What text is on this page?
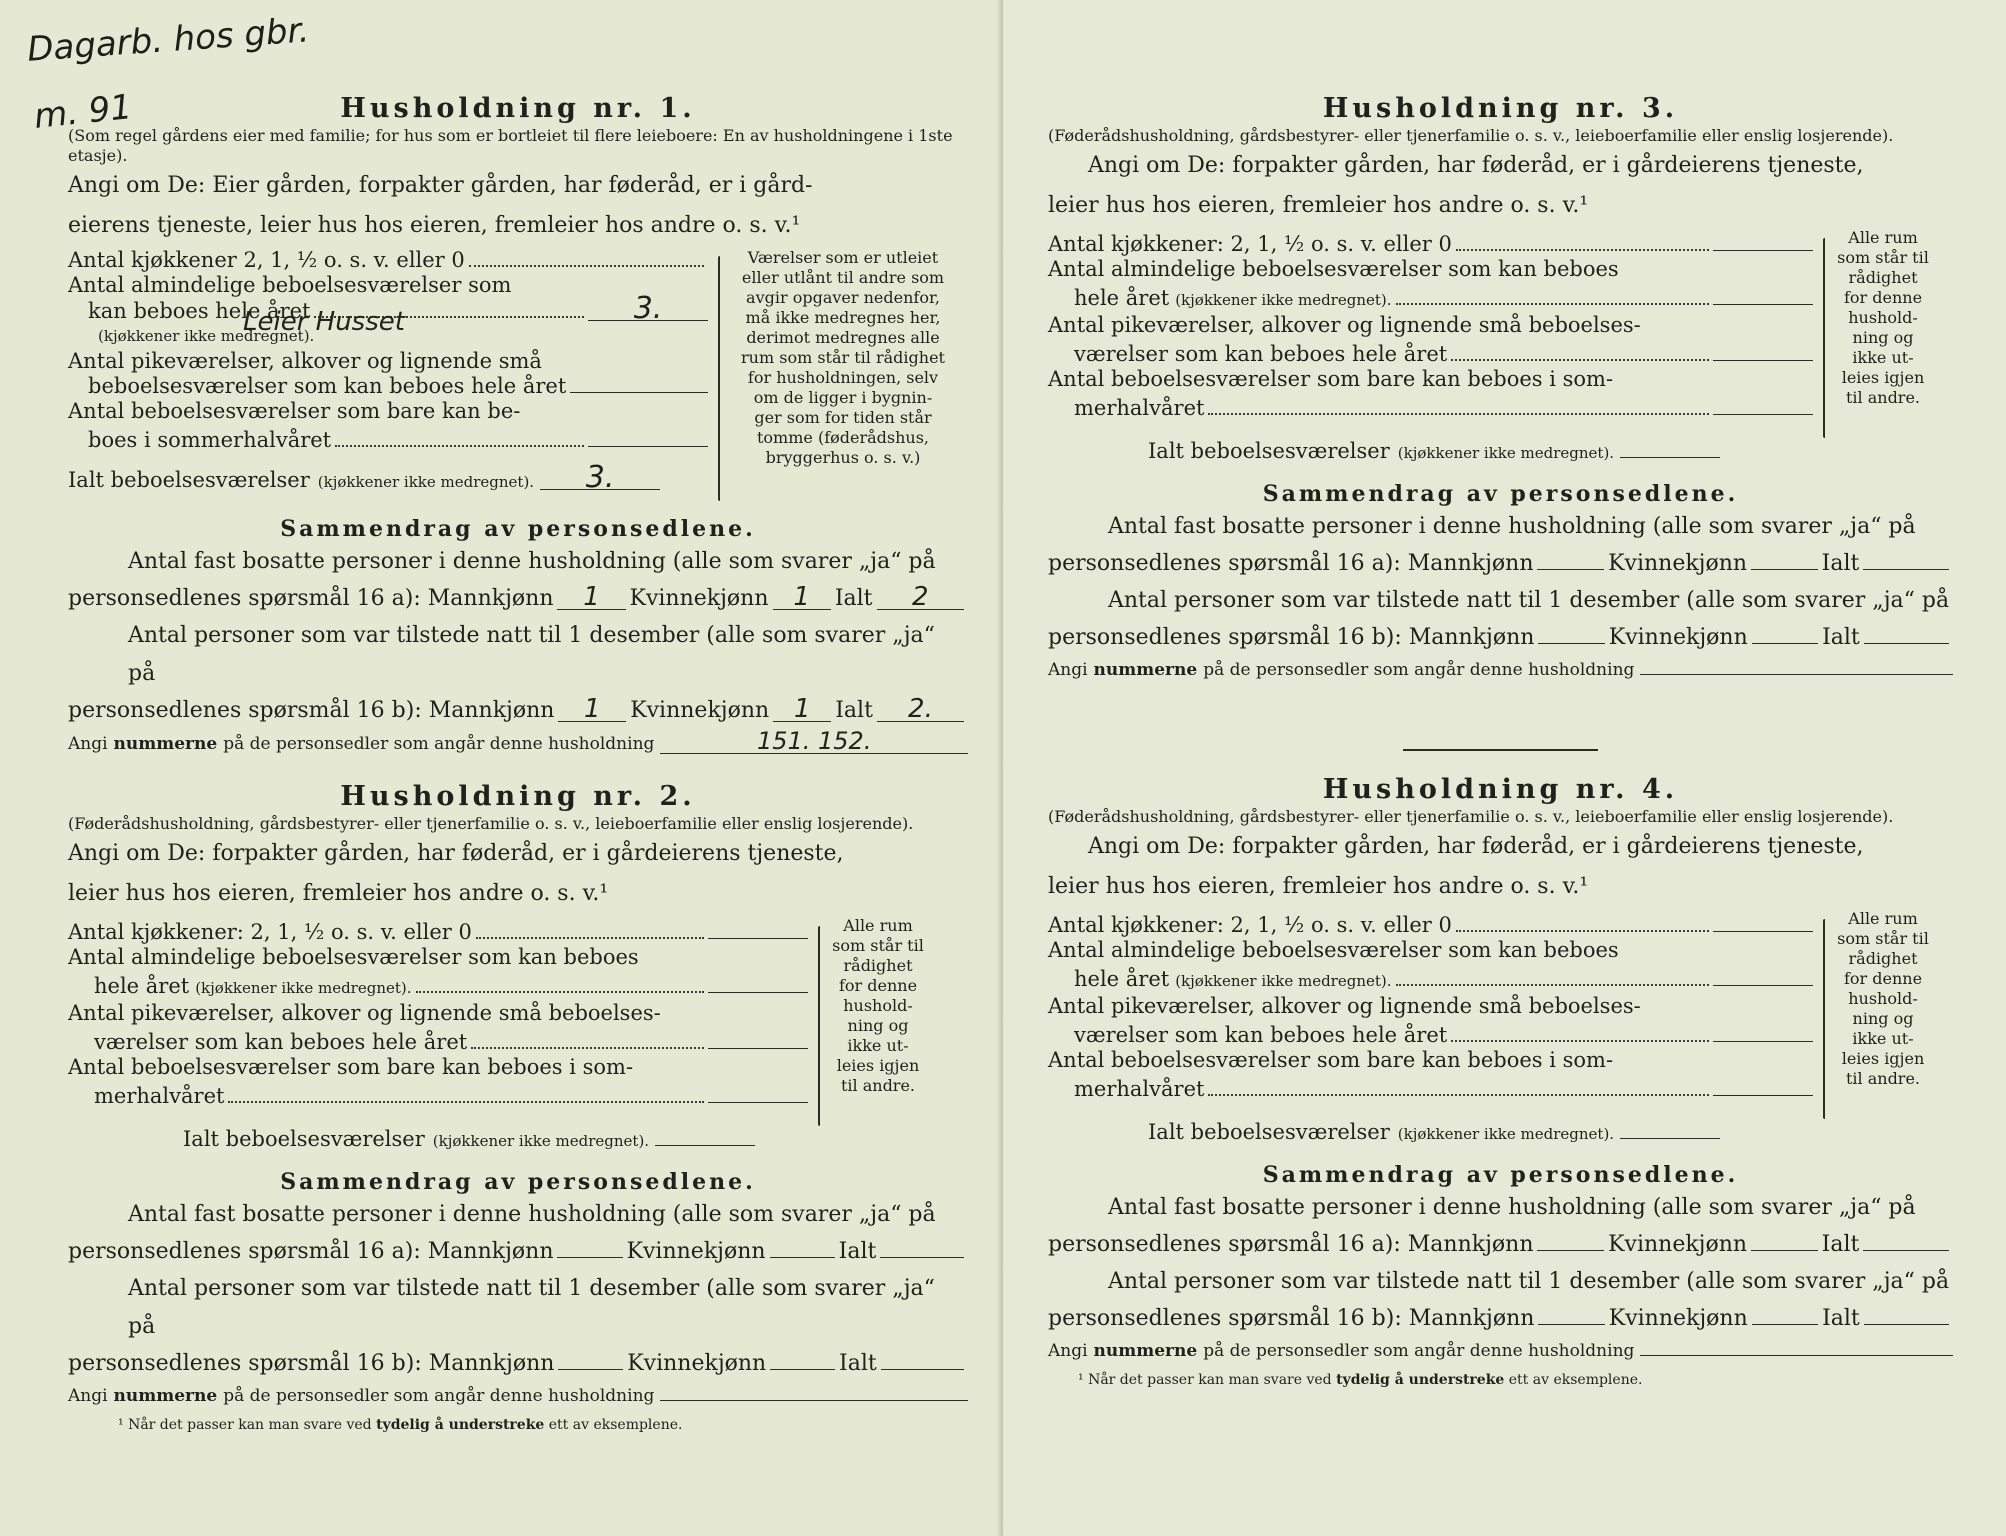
Dagarb. hos gbr.
m. 91	Husholdning nr. 1.
(Som regel gårdens eier med familie; for hus som er bortleiet til flere leieboere: En av husholdningene i 1ste etasje).
Angi om De: Eier gården, forpakter gården, har føderåd, er i gård-
eierens tjeneste, leier hus hos eieren, fremleier hos andre o. s. v.¹
Antal kjøkkener 2, 1, ½ o. s. v. eller 0
Leier Husset
Antal almindelige beboelsesværelser som
kan beboes hele året	3.
(kjøkkener ikke medregnet).
Antal pikeværelser, alkover og lignende små
beboelsesværelser som kan beboes hele året
Antal beboelsesværelser som bare kan be-
boes i sommerhalvåret
Ialt beboelsesværelser (kjøkkener ikke medregnet).	3.
Værelser som er utleiet
eller utlånt til andre som
avgir opgaver nedenfor,
må ikke medregnes her,
derimot medregnes alle
rum som står til rådighet
for husholdningen, selv
om de ligger i bygnin-
ger som for tiden står
tomme (føderådshus,
bryggerhus o. s. v.)
Sammendrag av personsedlene.
Antal fast bosatte personer i denne husholdning (alle som svarer „ja“ på
personsedlenes spørsmål 16 a): Mannkjønn	1	Kvinnekjønn 1	Ialt	2
Antal personer som var tilstede natt til 1 desember (alle som svarer „ja“ på
personsedlenes spørsmål 16 b): Mannkjønn	1	Kvinnekjønn 1	Ialt	2.
Angi nummerne på de personsedler som angår denne husholdning	151. 152.
Husholdning nr. 2.
(Føderådshusholdning, gårdsbestyrer- eller tjenerfamilie o. s. v., leieboerfamilie eller enslig losjerende).
Angi om De: forpakter gården, har føderåd, er i gårdeierens tjeneste,
leier hus hos eieren, fremleier hos andre o. s. v.¹
Antal kjøkkener: 2, 1, ½ o. s. v. eller 0
Antal almindelige beboelsesværelser som kan beboes
hele året (kjøkkener ikke medregnet).
Antal pikeværelser, alkover og lignende små beboelses-
værelser som kan beboes hele året
Antal beboelsesværelser som bare kan beboes i som-
merhalvåret
Ialt beboelsesværelser (kjøkkener ikke medregnet).
Alle rum
som står til
rådighet
for denne
hushold-
ning og
ikke ut-
leies igjen
til andre.
Sammendrag av personsedlene.
Antal fast bosatte personer i denne husholdning (alle som svarer „ja“ på
personsedlenes spørsmål 16 a): Mannkjønn	Kvinnekjønn	Ialt
Antal personer som var tilstede natt til 1 desember (alle som svarer „ja“ på
personsedlenes spørsmål 16 b): Mannkjønn	Kvinnekjønn	Ialt
Angi nummerne på de personsedler som angår denne husholdning
¹ Når det passer kan man svare ved tydelig å understreke ett av eksemplene.
Husholdning nr. 3.
(Føderådshusholdning, gårdsbestyrer- eller tjenerfamilie o. s. v., leieboerfamilie eller enslig losjerende).
Angi om De: forpakter gården, har føderåd, er i gårdeierens tjeneste,
leier hus hos eieren, fremleier hos andre o. s. v.¹
Antal kjøkkener: 2, 1, ½ o. s. v. eller 0
Antal almindelige beboelsesværelser som kan beboes
hele året (kjøkkener ikke medregnet).
Antal pikeværelser, alkover og lignende små beboelses-
værelser som kan beboes hele året
Antal beboelsesværelser som bare kan beboes i som-
merhalvåret
Ialt beboelsesværelser (kjøkkener ikke medregnet).
Alle rum
som står til
rådighet
for denne
hushold-
ning og
ikke ut-
leies igjen
til andre.
Sammendrag av personsedlene.
Antal fast bosatte personer i denne husholdning (alle som svarer „ja“ på
personsedlenes spørsmål 16 a): Mannkjønn	Kvinnekjønn	Ialt
Antal personer som var tilstede natt til 1 desember (alle som svarer „ja“ på
personsedlenes spørsmål 16 b): Mannkjønn	Kvinnekjønn	Ialt
Angi nummerne på de personsedler som angår denne husholdning
Husholdning nr. 4.
(Føderådshusholdning, gårdsbestyrer- eller tjenerfamilie o. s. v., leieboerfamilie eller enslig losjerende).
Angi om De: forpakter gården, har føderåd, er i gårdeierens tjeneste,
leier hus hos eieren, fremleier hos andre o. s. v.¹
Antal kjøkkener: 2, 1, ½ o. s. v. eller 0
Antal almindelige beboelsesværelser som kan beboes
hele året (kjøkkener ikke medregnet).
Antal pikeværelser, alkover og lignende små beboelses-
værelser som kan beboes hele året
Antal beboelsesværelser som bare kan beboes i som-
merhalvåret
Ialt beboelsesværelser (kjøkkener ikke medregnet).
Alle rum
som står til
rådighet
for denne
hushold-
ning og
ikke ut-
leies igjen
til andre.
Sammendrag av personsedlene.
Antal fast bosatte personer i denne husholdning (alle som svarer „ja“ på
personsedlenes spørsmål 16 a): Mannkjønn	Kvinnekjønn	Ialt
Antal personer som var tilstede natt til 1 desember (alle som svarer „ja“ på
personsedlenes spørsmål 16 b): Mannkjønn	Kvinnekjønn	Ialt
Angi nummerne på de personsedler som angår denne husholdning
¹ Når det passer kan man svare ved tydelig å understreke ett av eksemplene.
